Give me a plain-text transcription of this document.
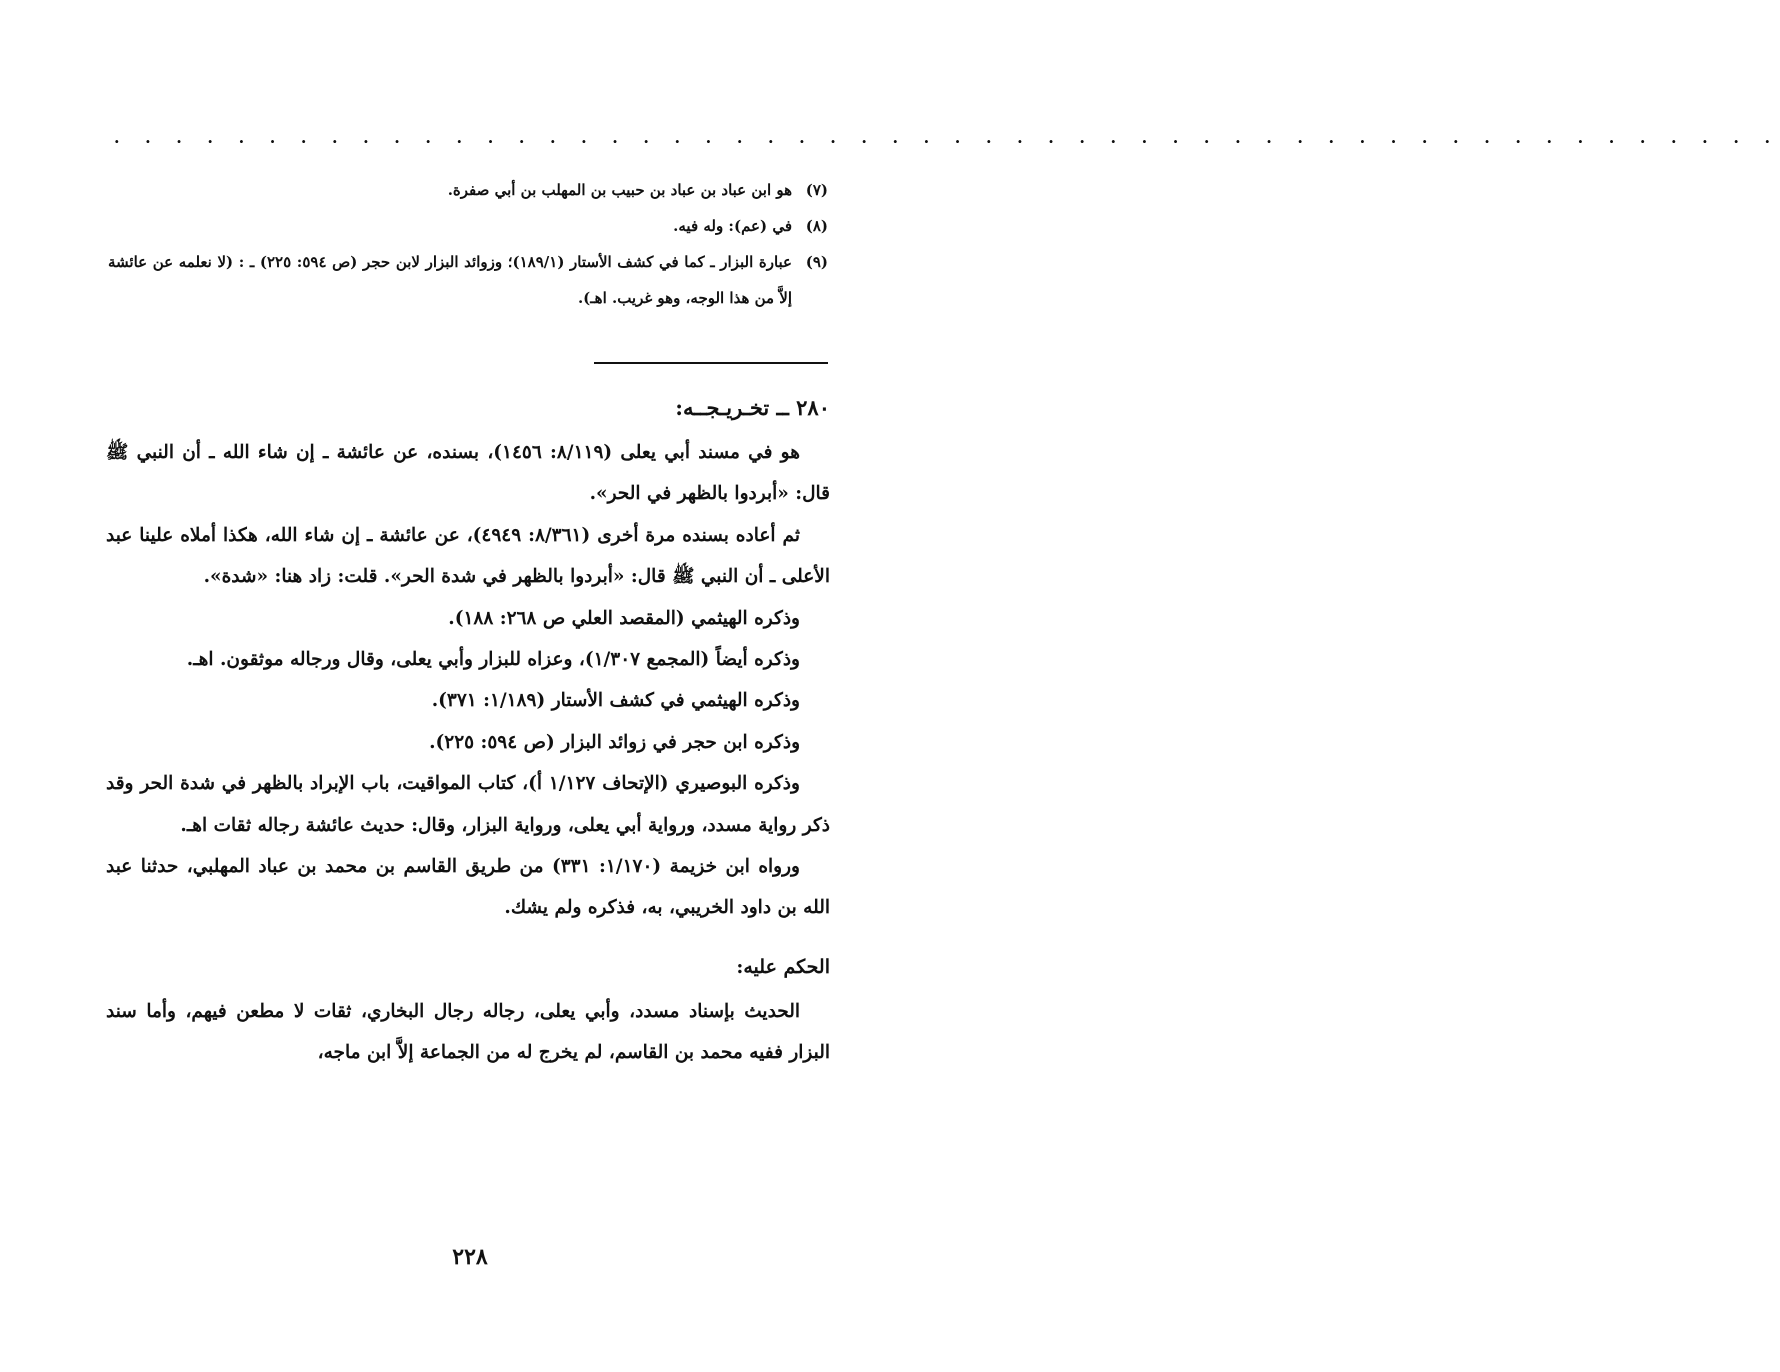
. . . . . . . . . . . . . . . . . . . . . . . . . . . . . . . . . . . . . . . . . . . . . . . . . . . . . .

(٧)
هو ابن عباد بن عباد بن حبيب بن المهلب بن أبي صفرة.

(٨)
في (عم): وله فيه.

(٩)
عبارة البزار ـ كما في كشف الأستار (١٨٩/١)؛ وزوائد البزار لابن حجر (ص ٥٩٤: ٢٢٥) ـ : (لا نعلمه عن عائشة إلاَّ من هذا الوجه، وهو غريب. اهـ).

٢٨٠ ــ تخـريـجــه:

هو في مسند أبي يعلى (٨/١١٩: ١٤٥٦)، بسنده، عن عائشة ـ إن شاء الله ـ أن النبي ﷺ قال: «أبردوا بالظهر في الحر».

ثم أعاده بسنده مرة أخرى (٨/٣٦١: ٤٩٤٩)، عن عائشة ـ إن شاء الله، هكذا أملاه علينا عبد الأعلى ـ أن النبي ﷺ قال: «أبردوا بالظهر في شدة الحر». قلت: زاد هنا: «شدة».

وذكره الهيثمي (المقصد العلي ص ٢٦٨: ١٨٨).

وذكره أيضاً (المجمع ١/٣٠٧)، وعزاه للبزار وأبي يعلى، وقال ورجاله موثقون. اهـ.

وذكره الهيثمي في كشف الأستار (١/١٨٩: ٣٧١).

وذكره ابن حجر في زوائد البزار (ص ٥٩٤: ٢٢٥).

وذكره البوصيري (الإتحاف ١/١٢٧ أ)، كتاب المواقيت، باب الإبراد بالظهر في شدة الحر وقد ذكر رواية مسدد، ورواية أبي يعلى، ورواية البزار، وقال: حديث عائشة رجاله ثقات اهـ.

ورواه ابن خزيمة (١/١٧٠: ٣٣١) من طريق القاسم بن محمد بن عباد المهلبي، حدثنا عبد الله بن داود الخريبي، به، فذكره ولم يشك.

الحكم عليه:

الحديث بإسناد مسدد، وأبي يعلى، رجاله رجال البخاري، ثقات لا مطعن فيهم، وأما سند البزار ففيه محمد بن القاسم، لم يخرج له من الجماعة إلاَّ ابن ماجه،

٢٢٨
